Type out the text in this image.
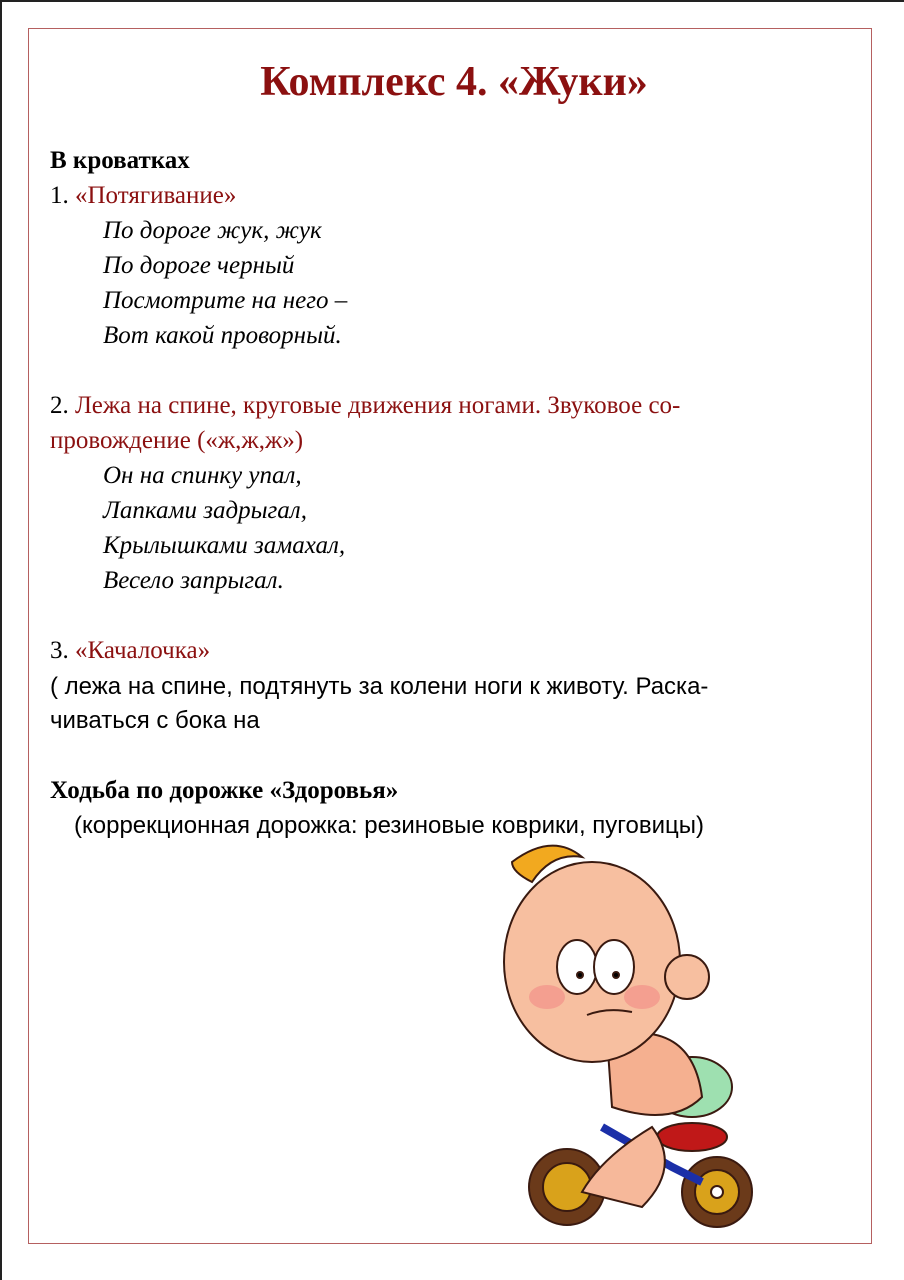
Комплекс 4. «Жуки»
В кроватках
1. «Потягивание»
По дороге жук, жук
По дороге черный
Посмотрите на него –
Вот какой проворный.
2. Лежа на спине, круговые движения ногами. Звуковое со-
провождение («ж,ж,ж»)
Он на спинку упал,
Лапками задрыгал,
Крылышками замахал,
Весело запрыгал.
3. «Качалочка»
( лежа на спине, подтянуть за колени ноги к животу. Раска-
чиваться с бока на
Ходьба по дорожке «Здоровья»
(коррекционная дорожка: резиновые коврики, пуговицы)
